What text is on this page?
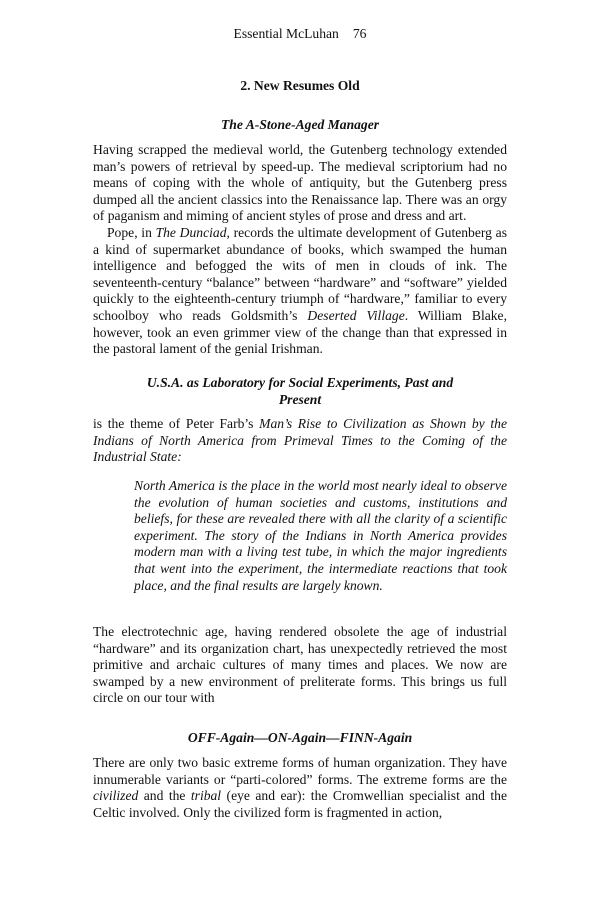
Essential McLuhan 76
2. New Resumes Old
The A-Stone-Aged Manager

Having scrapped the medieval world, the Gutenberg technology extended man’s powers of retrieval by speed-up. The medieval scriptorium had no means of coping with the whole of antiquity, but the Gutenberg press dumped all the ancient classics into the Renaissance lap. There was an orgy of paganism and miming of ancient styles of prose and dress and art.

Pope, in The Dunciad, records the ultimate development of Gutenberg as a kind of supermarket abundance of books, which swamped the human intelligence and befogged the wits of men in clouds of ink. The seventeenth-century “balance” between “hardware” and “software” yielded quickly to the eighteenth-century triumph of “hardware,” familiar to every schoolboy who reads Goldsmith’s Deserted Village. William Blake, however, took an even grimmer view of the change than that expressed in the pastoral lament of the genial Irishman.

U.S.A. as Laboratory for Social Experiments, Past and
Present

is the theme of Peter Farb’s Man’s Rise to Civilization as Shown by the Indians of North America from Primeval Times to the Coming of the Industrial State:

North America is the place in the world most nearly ideal to observe the evolution of human societies and customs, institutions and beliefs, for these are revealed there with all the clarity of a scientific experiment. The story of the Indians in North America provides modern man with a living test tube, in which the major ingredients that went into the experiment, the intermediate reactions that took place, and the final results are largely known.

The electrotechnic age, having rendered obsolete the age of industrial “hardware” and its organization chart, has unexpectedly retrieved the most primitive and archaic cultures of many times and places. We now are swamped by a new environment of preliterate forms. This brings us full circle on our tour with

OFF-Again—ON-Again—FINN-Again

There are only two basic extreme forms of human organization. They have innumerable variants or “parti-colored” forms. The extreme forms are the civilized and the tribal (eye and ear): the Cromwellian specialist and the Celtic involved. Only the civilized form is fragmented in action,
